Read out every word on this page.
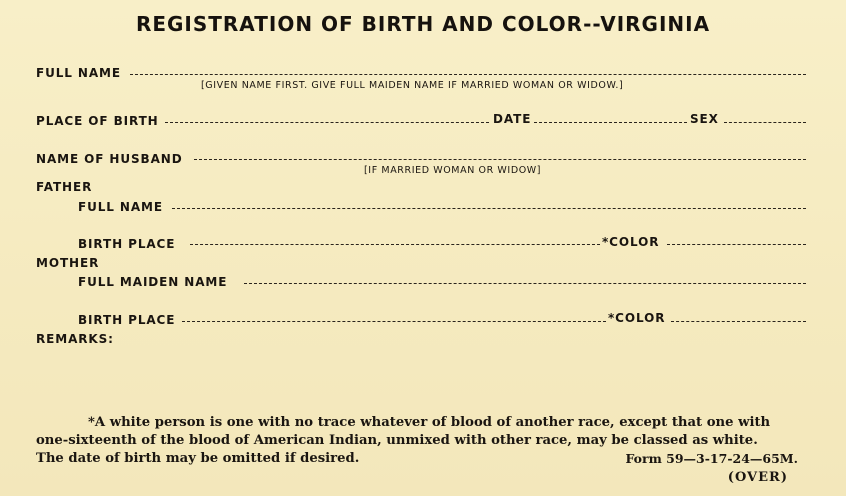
REGISTRATION OF BIRTH AND COLOR--VIRGINIA
FULL NAME
[GIVEN NAME FIRST. GIVE FULL MAIDEN NAME IF MARRIED WOMAN OR WIDOW.]
PLACE OF BIRTH	DATE	SEX
NAME OF HUSBAND
[IF MARRIED WOMAN OR WIDOW]
FATHER
FULL NAME
BIRTH PLACE	*COLOR
MOTHER
FULL MAIDEN NAME
BIRTH PLACE	*COLOR
REMARKS:

*A white person is one with no trace whatever of blood of another race, except that one with

one-sixteenth of the blood of American Indian, unmixed with other race, may be classed as white.

The date of birth may be omitted if desired.	Form 59—3-17-24—65M.
(OVER)
